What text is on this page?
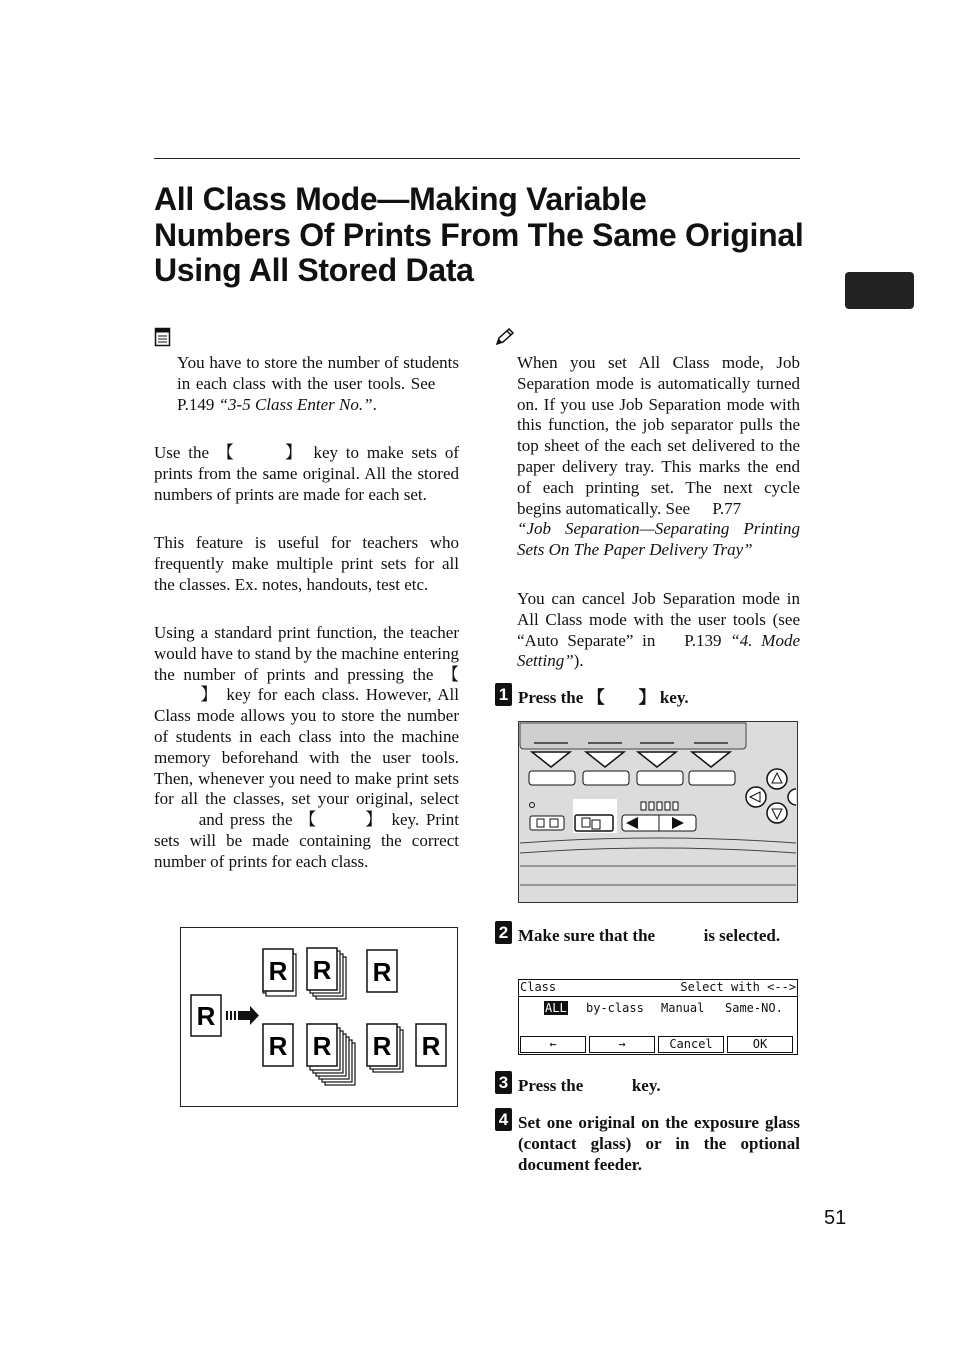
All Class Mode—Making Variable
Numbers Of Prints From The Same Original
Using All Stored Data

You have to store the number of students in each class with the user tools. See P.149 “3-5 Class Enter No.”.

Use the 【	】 key to make sets of prints from the same original. All the stored numbers of prints are made for each set.

This feature is useful for teachers who frequently make multiple print sets for all the classes. Ex. notes, handouts, test etc.

Using a standard print function, the teacher would have to stand by the machine entering the number of prints and pressing the 【】 key for each class. However, All Class mode allows you to store the number of students in each class into the machine memory beforehand with the user tools. Then, whenever you need to make print sets for all the classes, set your original, select  and press the 【	】 key. Print sets will be made containing the correct number of prints for each class.

R
R R R
R R R R

When you set All Class mode, Job Separation mode is automatically turned on. If you use Job Separation mode with this function, the job separator pulls the top sheet of the each set delivered to the paper delivery tray. This marks the end of each printing set. The next cycle begins automatically. See P.77
“Job Separation—Separating Printing Sets On The Paper Delivery Tray”

You can cancel Job Separation mode in All Class mode with the user tools (see “Auto Separate” in P.139 “4. Mode Setting”).

1 Press the 【 】 key.
2 Make sure that the  is selected.
Class	Select with <-->
ALL by-class Manual Same-NO.
←	→	Cancel	OK
3 Press the  key.
4 Set one original on the exposure glass (contact glass) or in the optional document feeder.
51
